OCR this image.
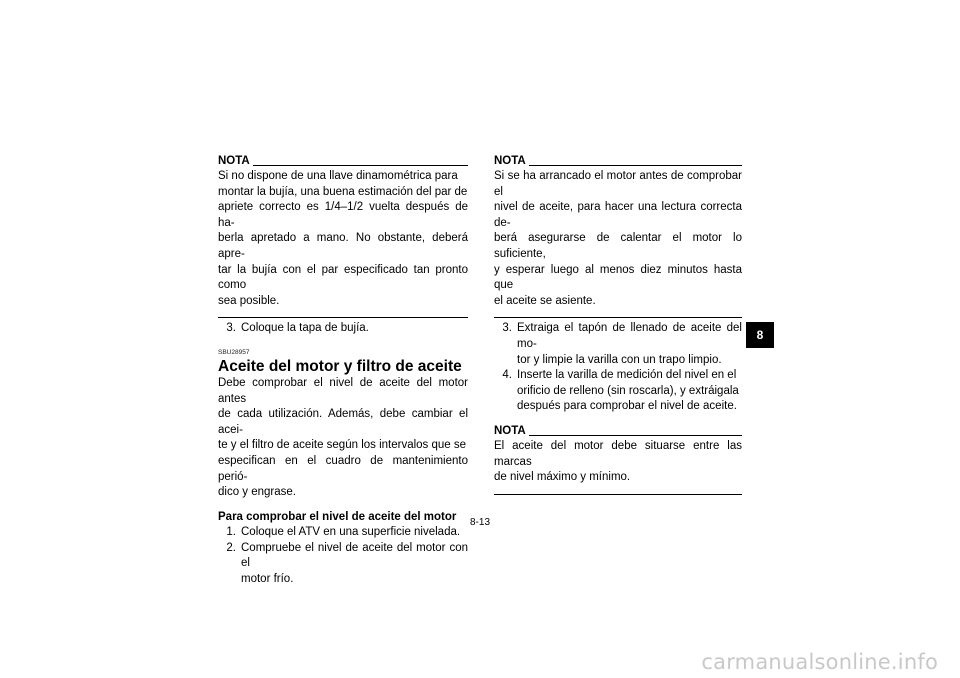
NOTA
Si no dispone de una llave dinamométrica para
montar la bujía, una buena estimación del par de
apriete correcto es 1/4–1/2 vuelta después de ha-
berla apretado a mano. No obstante, deberá apre-
tar la bujía con el par especificado tan pronto como
sea posible.
3. Coloque la tapa de bujía.
SBU28957
Aceite del motor y filtro de aceite
Debe comprobar el nivel de aceite del motor antes
de cada utilización. Además, debe cambiar el acei-
te y el filtro de aceite según los intervalos que se
especifican en el cuadro de mantenimiento perió-
dico y engrase.
Para comprobar el nivel de aceite del motor
1. Coloque el ATV en una superficie nivelada.
2. Compruebe el nivel de aceite del motor con el
motor frío.
NOTA
Si se ha arrancado el motor antes de comprobar el
nivel de aceite, para hacer una lectura correcta de-
berá asegurarse de calentar el motor lo suficiente,
y esperar luego al menos diez minutos hasta que
el aceite se asiente.
3. Extraiga el tapón de llenado de aceite del mo-
tor y limpie la varilla con un trapo limpio.
4. Inserte la varilla de medición del nivel en el
orificio de relleno (sin roscarla), y extráigala
después para comprobar el nivel de aceite.
NOTA
El aceite del motor debe situarse entre las marcas
de nivel máximo y mínimo.
8
8-13
carmanualsonline.info
